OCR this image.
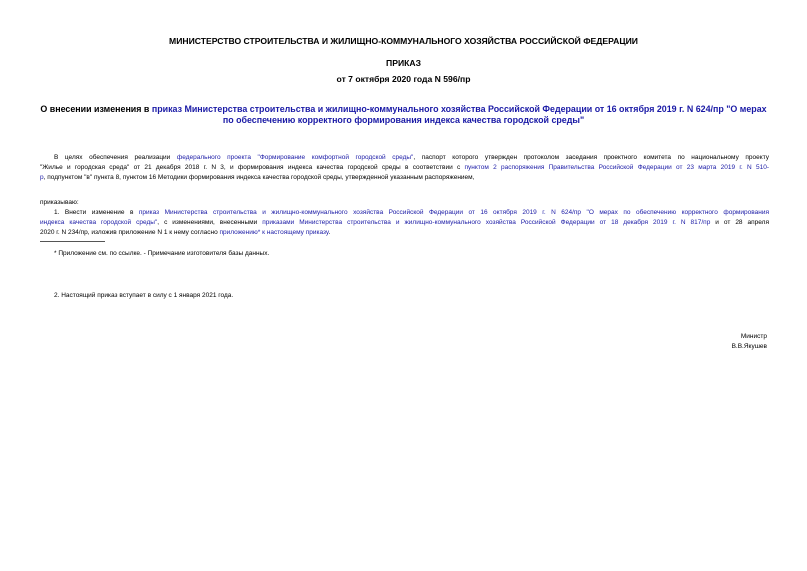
МИНИСТЕРСТВО СТРОИТЕЛЬСТВА И ЖИЛИЩНО-КОММУНАЛЬНОГО ХОЗЯЙСТВА РОССИЙСКОЙ ФЕДЕРАЦИИ
ПРИКАЗ
от 7 октября 2020 года N 596/пр
О внесении изменения в приказ Министерства строительства и жилищно-коммунального хозяйства Российской Федерации от 16 октября 2019 г. N 624/пр "О мерах
по обеспечению корректного формирования индекса качества городской среды"
В целях обеспечения реализации федерального проекта "Формирование комфортной городской среды", паспорт которого утвержден протоколом заседания проектного комитета по национальному проекту
"Жилье и городская среда" от 21 декабря 2018 г. N 3, и формирования индекса качества городской среды в соответствии с пунктом 2 распоряжения Правительства Российской Федерации от 23 марта 2019 г. N 510-
р, подпунктом "в" пункта 8, пунктом 16 Методики формирования индекса качества городской среды, утвержденной указанным распоряжением,
приказываю:
1. Внести изменение в приказ Министерства строительства и жилищно-коммунального хозяйства Российской Федерации от 16 октября 2019 г. N 624/пр "О мерах по обеспечению корректного формирования
индекса качества городской среды", с изменениями, внесенными приказами Министерства строительства и жилищно-коммунального хозяйства Российской Федерации от 18 декабря 2019 г. N 817/пр и от 28 апреля
2020 г. N 234/пр, изложив приложение N 1 к нему согласно приложению* к настоящему приказу.
* Приложение см. по ссылке. - Примечание изготовителя базы данных.
2. Настоящий приказ вступает в силу с 1 января 2021 года.
Министр
В.В.Якушев
